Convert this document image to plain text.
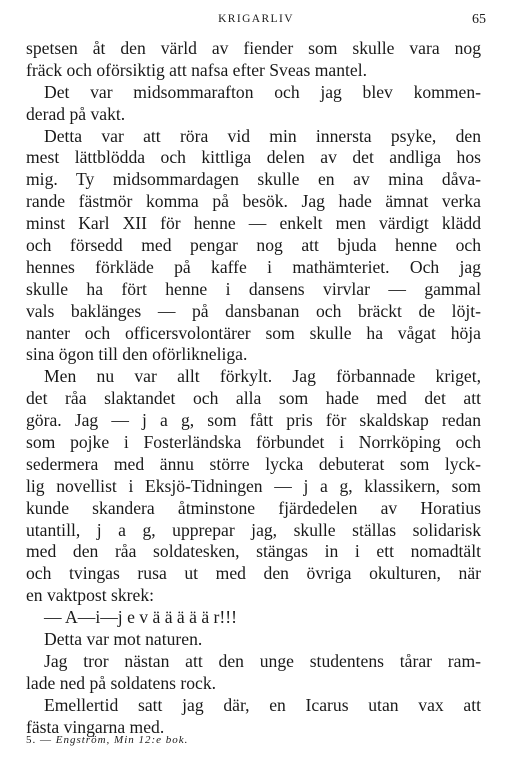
KRIGARLIV	65
spetsen åt den värld av fiender som skulle vara nog
fräck och oförsiktig att nafsa efter Sveas mantel.
Det var midsommarafton och jag blev kommen-
derad på vakt.
Detta var att röra vid min innersta psyke, den
mest lättblödda och kittliga delen av det andliga hos
mig. Ty midsommardagen skulle en av mina dåva-
rande fästmör komma på besök. Jag hade ämnat verka
minst Karl XII för henne — enkelt men värdigt klädd
och försedd med pengar nog att bjuda henne och
hennes förkläde på kaffe i mathämteriet. Och jag
skulle ha fört henne i dansens virvlar — gammal
vals baklänges — på dansbanan och bräckt de löjt-
nanter och officersvolontärer som skulle ha vågat höja
sina ögon till den oförlikneliga.
Men nu var allt förkylt. Jag förbannade kriget,
det råa slaktandet och alla som hade med det att
göra. Jag — j a g, som fått pris för skaldskap redan
som pojke i Fosterländska förbundet i Norrköping och
sedermera med ännu större lycka debuterat som lyck-
lig novellist i Eksjö-Tidningen — j a g, klassikern, som
kunde skandera åtminstone fjärdedelen av Horatius
utantill, j a g, upprepar jag, skulle ställas solidarisk
med den råa soldatesken, stängas in i ett nomadtält
och tvingas rusa ut med den övriga okulturen, när
en vaktpost skrek:
— A—i—j e v ä ä ä ä ä r!!!
Detta var mot naturen.
Jag tror nästan att den unge studentens tårar ram-
lade ned på soldatens rock.
Emellertid satt jag där, en Icarus utan vax att
fästa vingarna med.
5. — Engström, Min 12:e bok.
